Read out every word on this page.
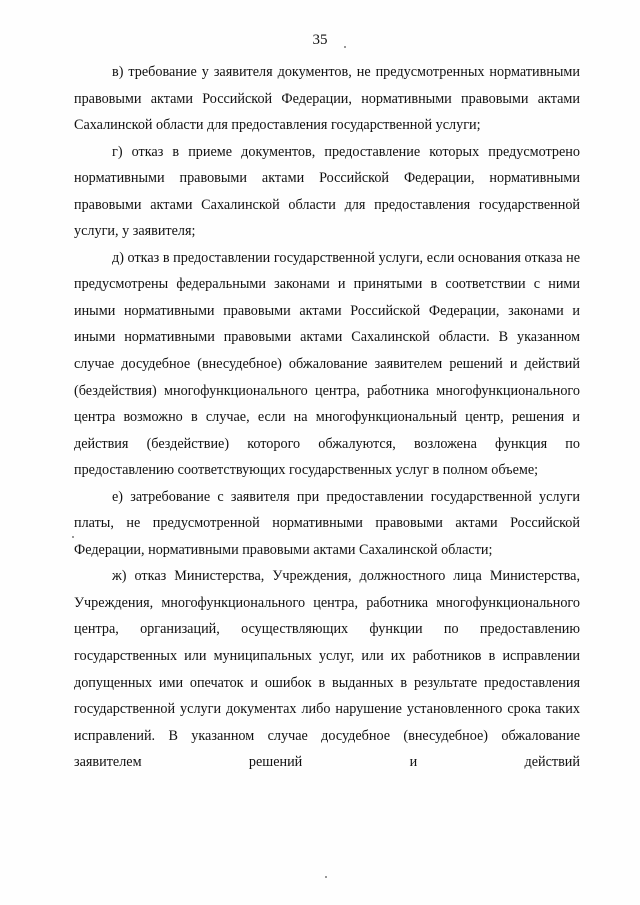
35

в) требование у заявителя документов, не предусмотренных нормативными правовыми актами Российской Федерации, нормативными правовыми актами Сахалинской области для предоставления государственной услуги;

г) отказ в приеме документов, предоставление которых предусмотрено нормативными правовыми актами Российской Федерации, нормативными правовыми актами Сахалинской области для предоставления государственной услуги, у заявителя;

д) отказ в предоставлении государственной услуги, если основания отказа не предусмотрены федеральными законами и принятыми в соответствии с ними иными нормативными правовыми актами Российской Федерации, законами и иными нормативными правовыми актами Сахалинской области. В указанном случае досудебное (внесудебное) обжалование заявителем решений и действий (бездействия) многофункционального центра, работника многофункционального центра возможно в случае, если на многофункциональный центр, решения и действия (бездействие) которого обжалуются, возложена функция по предоставлению соответствующих государственных услуг в полном объеме;

е) затребование с заявителя при предоставлении государственной услуги платы, не предусмотренной нормативными правовыми актами Российской Федерации, нормативными правовыми актами Сахалинской области;

ж) отказ Министерства, Учреждения, должностного лица Министерства, Учреждения, многофункционального центра, работника многофункционального центра, организаций, осуществляющих функции по предоставлению государственных или муниципальных услуг, или их работников в исправлении допущенных ими опечаток и ошибок в выданных в результате предоставления государственной услуги документах либо нарушение установленного срока таких исправлений. В указанном случае досудебное (внесудебное) обжалование заявителем решений и действий
